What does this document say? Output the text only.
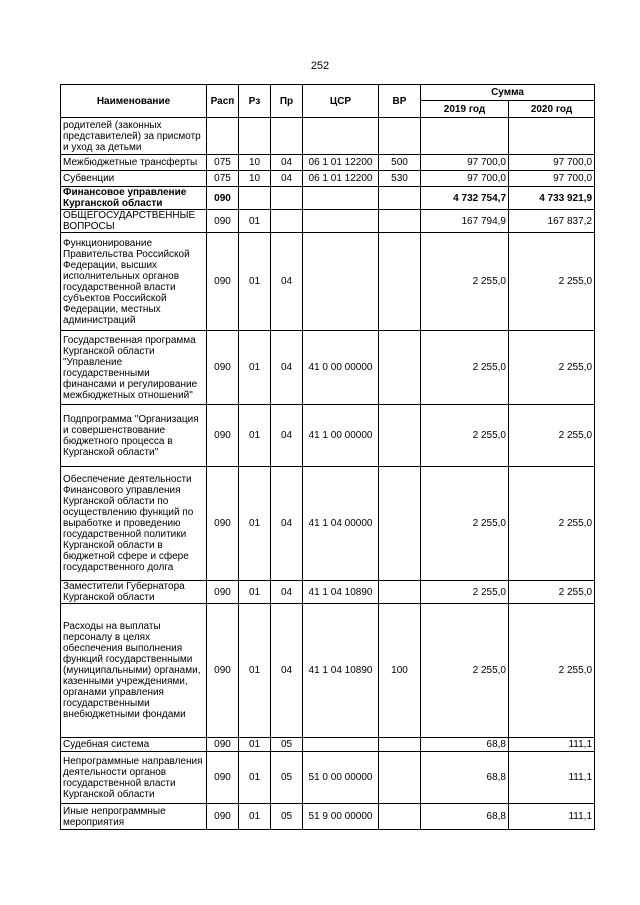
252
Наименование	Расп	Рз	Пр	ЦСР	ВР	Сумма	
						2019 год	2020 год
родителей (законных представителей) за присмотр и уход за детьми							
Межбюджетные трансферты	075	10	04	06 1 01 12200	500	97 700,0	97 700,0
Субвенции	075	10	04	06 1 01 12200	530	97 700,0	97 700,0
Финансовое управление Курганской области	090					4 732 754,7	4 733 921,9
ОБЩЕГОСУДАРСТВЕННЫЕ ВОПРОСЫ	090	01				167 794,9	167 837,2
Функционирование Правительства Российской Федерации, высших исполнительных органов государственной власти субъектов Российской Федерации, местных администраций	090	01	04			2 255,0	2 255,0
Государственная программа Курганской области "Управление государственными финансами и регулирование межбюджетных отношений"	090	01	04	41 0 00 00000		2 255,0	2 255,0
Подпрограмма "Организация и совершенствование бюджетного процесса в Курганской области"	090	01	04	41 1 00 00000		2 255,0	2 255,0
Обеспечение деятельности Финансового управления Курганской области по осуществлению функций по выработке и проведению государственной политики Курганской области в бюджетной сфере и сфере государственного долга	090	01	04	41 1 04 00000		2 255,0	2 255,0
Заместители Губернатора Курганской области	090	01	04	41 1 04 10890		2 255,0	2 255,0
Расходы на выплаты персоналу в целях обеспечения выполнения функций государственными (муниципальными) органами, казенными учреждениями, органами управления государственными внебюджетными фондами	090	01	04	41 1 04 10890	100	2 255,0	2 255,0
Судебная система	090	01	05			68,8	111,1
Непрограммные направления деятельности органов государственной власти Курганской области	090	01	05	51 0 00 00000		68,8	111,1
Иные непрограммные мероприятия	090	01	05	51 9 00 00000		68,8	111,1
